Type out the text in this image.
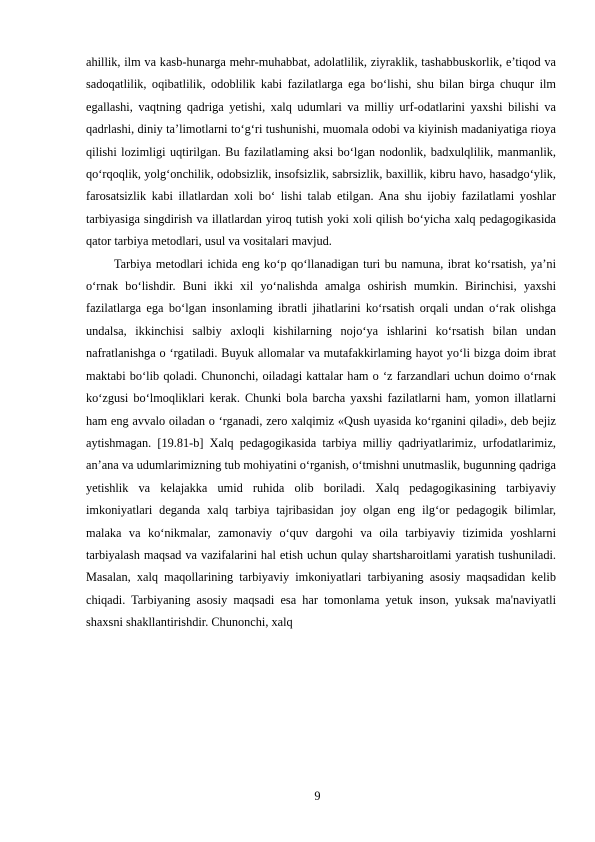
ahillik, ilm va kasb-hunarga mehr-muhabbat, adolatlilik, ziyraklik, tashabbuskorlik, e’tiqod va sadoqatlilik, oqibatlilik, odoblilik kabi fazilatlarga ega bo‘lishi, shu bilan birga chuqur ilm egallashi, vaqtning qadriga yetishi, xalq udumlari va milliy urf-odatlarini yaxshi bilishi va qadrlashi, diniy ta’limotlarni to‘g‘ri tushunishi, muomala odobi va kiyinish madaniyatiga rioya qilishi lozimligi uqtirilgan. Bu fazilatlaming aksi bo‘lgan nodonlik, badxulqlilik, manmanlik, qo‘rqoqlik, yolg‘onchilik, odobsizlik, insofsizlik, sabrsizlik, baxillik, kibru havo, hasadgo‘ylik, farosatsizlik kabi illatlardan xoli bo‘ lishi talab etilgan. Ana shu ijobiy fazilatlami yoshlar tarbiyasiga singdirish va illatlardan yiroq tutish yoki xoli qilish bo‘yicha xalq pedagogikasida qator tarbiya metodlari, usul va vositalari mavjud.

Tarbiya metodlari ichida eng ko‘p qo‘llanadigan turi bu namuna, ibrat ko‘rsatish, ya’ni o‘rnak bo‘lishdir. Buni ikki xil yo‘nalishda amalga oshirish mumkin. Birinchisi, yaxshi fazilatlarga ega bo‘lgan insonlaming ibratli jihatlarini ko‘rsatish orqali undan o‘rak olishga undalsa, ikkinchisi salbiy axloqli kishilarning nojo‘ya ishlarini ko‘rsatish bilan undan nafratlanishga o ‘rgatiladi. Buyuk allomalar va mutafakkirlaming hayot yo‘li bizga doim ibrat maktabi bo‘lib qoladi. Chunonchi, oiladagi kattalar ham o ‘z farzandlari uchun doimo o‘rnak ko‘zgusi bo‘lmoqliklari kerak. Chunki bola barcha yaxshi fazilatlarni ham, yomon illatlarni ham eng avvalo oiladan o ‘rganadi, zero xalqimiz «Qush uyasida ko‘rganini qiladi», deb bejiz aytishmagan. [19.81-b] Xalq pedagogikasida tarbiya milliy qadriyatlarimiz, urfodatlarimiz, an’ana va udumlarimizning tub mohiyatini o‘rganish, o‘tmishni unutmaslik, bugunning qadriga yetishlik va kelajakka umid ruhida olib boriladi. Xalq pedagogikasining tarbiyaviy imkoniyatlari deganda xalq tarbiya tajribasidan joy olgan eng ilg‘or pedagogik bilimlar, malaka va ko‘nikmalar, zamonaviy o‘quv dargohi va oila tarbiyaviy tizimida yoshlarni tarbiyalash maqsad va vazifalarini hal etish uchun qulay shartsharoitlami yaratish tushuniladi. Masalan, xalq maqollarining tarbiyaviy imkoniyatlari tarbiyaning asosiy maqsadidan kelib chiqadi. Tarbiyaning asosiy maqsadi esa har tomonlama yetuk inson, yuksak ma'naviyatli shaxsni shakllantirishdir. Chunonchi, xalq

9
